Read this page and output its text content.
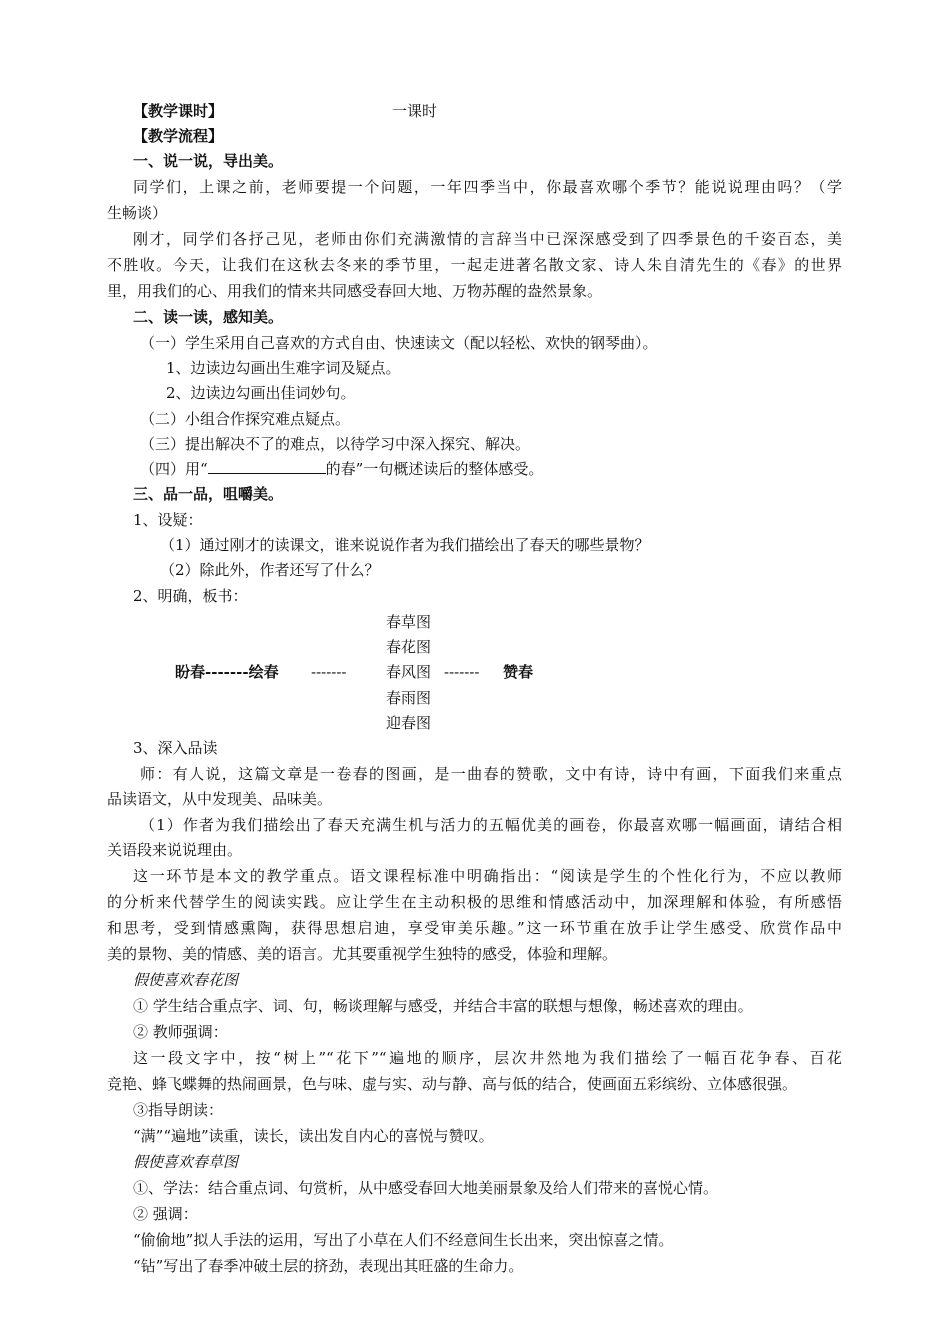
【教学课时】	一课时
【教学流程】
一、说一说，导出美。
同学们，上课之前，老师要提一个问题，一年四季当中，你最喜欢哪个季节？能说说理由吗？（学
生畅谈）
刚才，同学们各抒己见，老师由你们充满激情的言辞当中已深深感受到了四季景色的千姿百态，美
不胜收。今天，让我们在这秋去冬来的季节里，一起走进著名散文家、诗人朱自清先生的《春》的世界
里，用我们的心、用我们的情来共同感受春回大地、万物苏醒的盎然景象。
二、读一读，感知美。
（一）学生采用自己喜欢的方式自由、快速读文（配以轻松、欢快的钢琴曲）。
1、边读边勾画出生难字词及疑点。
2、边读边勾画出佳词妙句。
（二）小组合作探究难点疑点。
（三）提出解决不了的难点，以待学习中深入探究、解决。
（四）用“	的春”一句概述读后的整体感受。
三、品一品，咀嚼美。
1、设疑：
（1）通过刚才的读课文，谁来说说作者为我们描绘出了春天的哪些景物？
（2）除此外，作者还写了什么？
2、明确，板书：
春草图
春花图
春风图
春雨图
迎春图
盼春-------绘春 -------	------- 赞春
3、深入品读
师：有人说，这篇文章是一卷春的图画，是一曲春的赞歌，文中有诗，诗中有画，下面我们来重点
品读语文，从中发现美、品味美。
（1）作者为我们描绘出了春天充满生机与活力的五幅优美的画卷，你最喜欢哪一幅画面，请结合相
关语段来说说理由。
这一环节是本文的教学重点。语文课程标准中明确指出：“阅读是学生的个性化行为，不应以教师
的分析来代替学生的阅读实践。应让学生在主动积极的思维和情感活动中，加深理解和体验，有所感悟
和思考，受到情感熏陶，获得思想启迪，享受审美乐趣。”这一环节重在放手让学生感受、欣赏作品中
美的景物、美的情感、美的语言。尤其要重视学生独特的感受，体验和理解。
假使喜欢春花图
① 学生结合重点字、词、句，畅谈理解与感受，并结合丰富的联想与想像，畅述喜欢的理由。
② 教师强调：
这一段文字中，按“树上”“花下”“遍地的顺序，层次井然地为我们描绘了一幅百花争春、百花
竞艳、蜂飞蝶舞的热闹画景，色与味、虚与实、动与静、高与低的结合，使画面五彩缤纷、立体感很强。
③指导朗读：
“满”“遍地”读重，读长，读出发自内心的喜悦与赞叹。
假使喜欢春草图
①、学法：结合重点词、句赏析，从中感受春回大地美丽景象及给人们带来的喜悦心情。
② 强调：
“偷偷地”拟人手法的运用，写出了小草在人们不经意间生长出来，突出惊喜之情。
“钻”写出了春季冲破土层的挤劲，表现出其旺盛的生命力。
